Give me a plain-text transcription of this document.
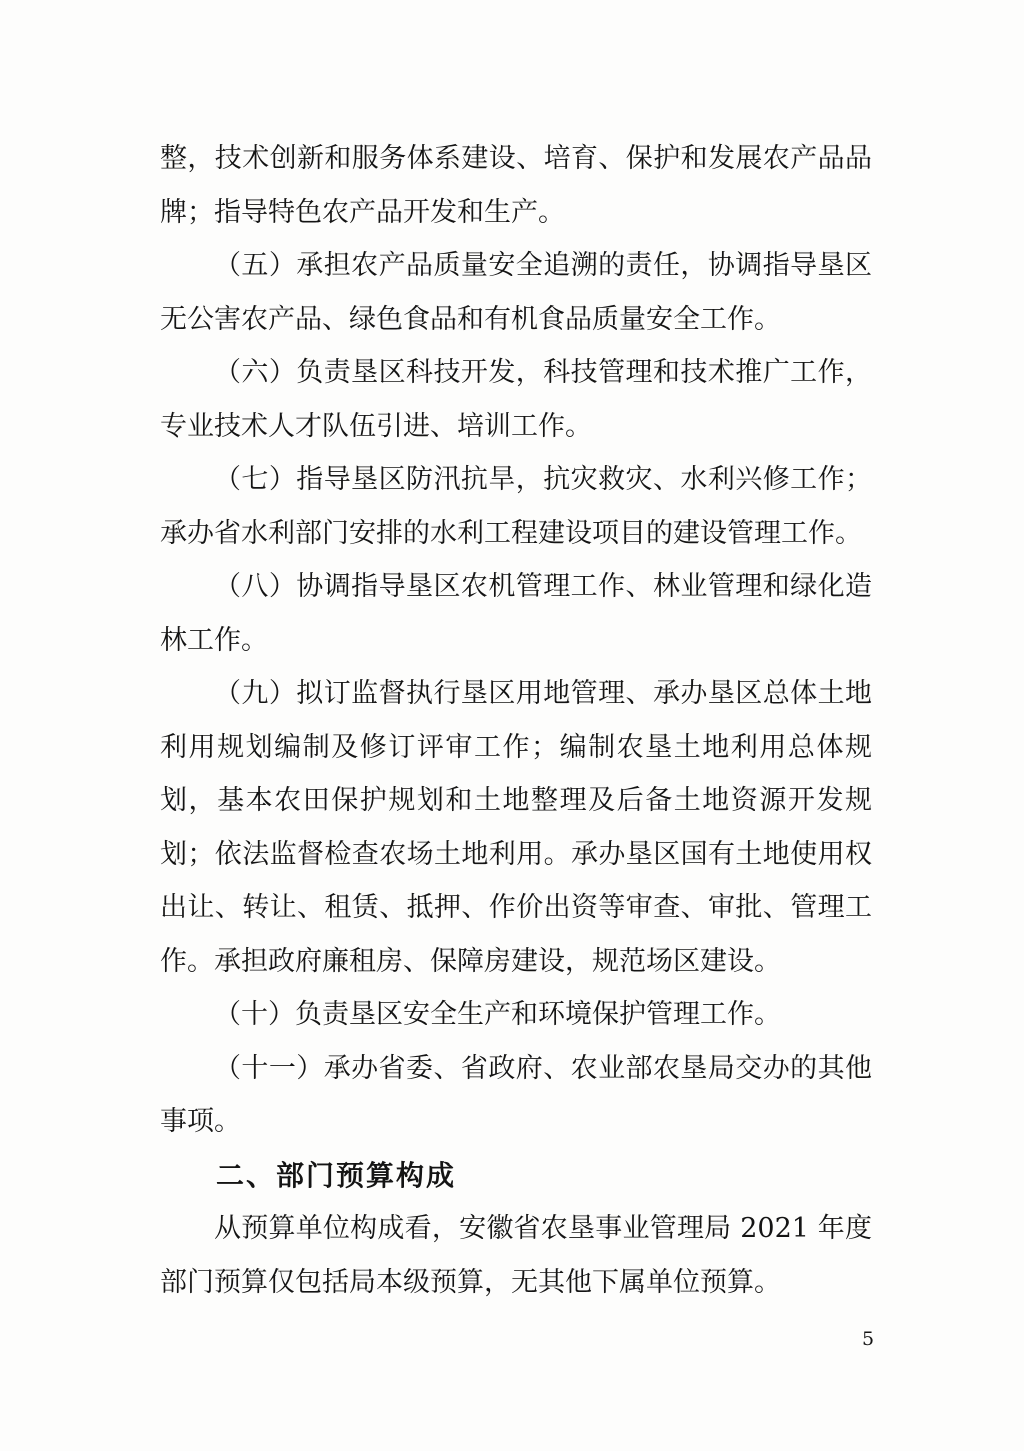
整，技术创新和服务体系建设、培育、保护和发展农产品品
牌；指导特色农产品开发和生产。
（五）承担农产品质量安全追溯的责任，协调指导垦区
无公害农产品、绿色食品和有机食品质量安全工作。
（六）负责垦区科技开发，科技管理和技术推广工作，
专业技术人才队伍引进、培训工作。
（七）指导垦区防汛抗旱，抗灾救灾、水利兴修工作；
承办省水利部门安排的水利工程建设项目的建设管理工作。
（八）协调指导垦区农机管理工作、林业管理和绿化造
林工作。
（九）拟订监督执行垦区用地管理、承办垦区总体土地
利用规划编制及修订评审工作；编制农垦土地利用总体规
划，基本农田保护规划和土地整理及后备土地资源开发规
划；依法监督检查农场土地利用。承办垦区国有土地使用权
出让、转让、租赁、抵押、作价出资等审查、审批、管理工
作。承担政府廉租房、保障房建设，规范场区建设。
（十）负责垦区安全生产和环境保护管理工作。
（十一）承办省委、省政府、农业部农垦局交办的其他
事项。
二、部门预算构成
从预算单位构成看，安徽省农垦事业管理局 2021 年度
部门预算仅包括局本级预算，无其他下属单位预算。
5
